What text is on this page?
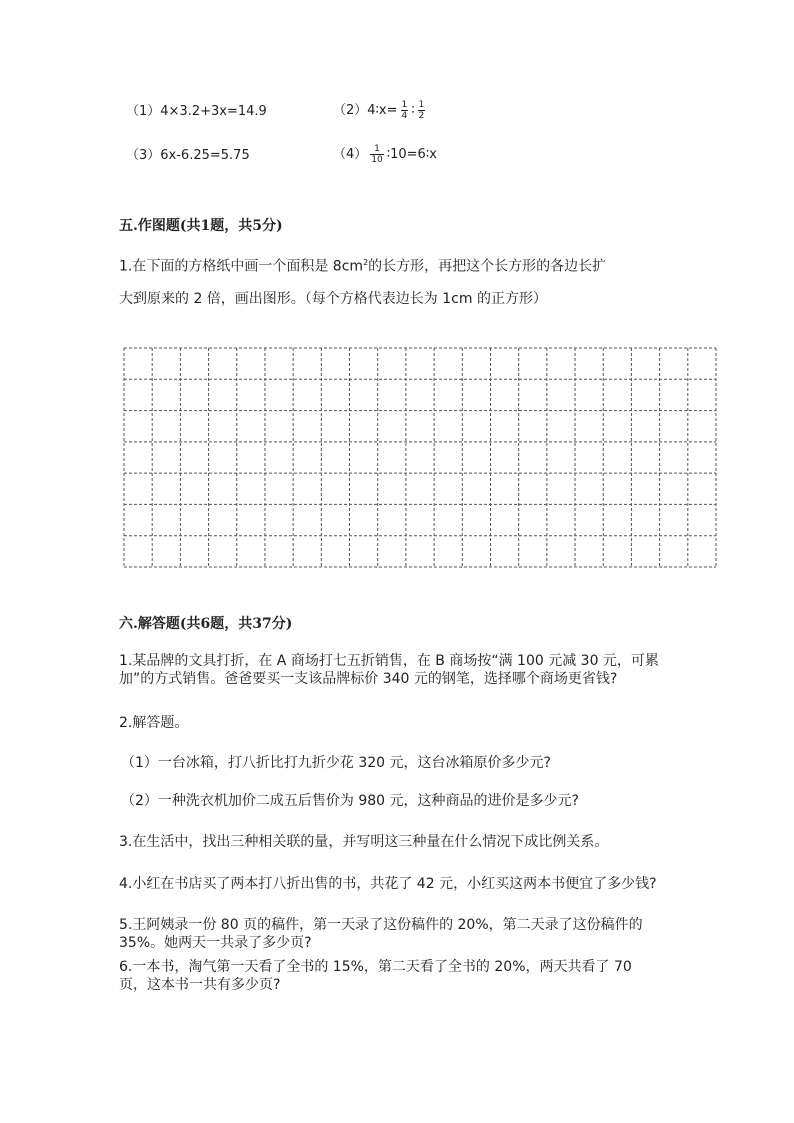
（1）4×3.2+3x=14.9	（2）4∶x= $\frac{1}{4}$ ∶ $\frac{1}{2}$
（3）6x-6.25=5.75	$(4) \frac{1}{10}$ ∶10=6∶x
五.作图题(共1题，共5分)
1.在下面的方格纸中画一个面积是 $8cm^2$的长方形，再把这个长方形的各边长扩
大到原来的 2 倍，画出图形。（每个方格代表边长为 1cm 的正方形）
六.解答题(共6题，共37分)
1.某品牌的文具打折，在 A 商场打七五折销售，在 B 商场按“满 100 元减 30 元，可累加”的方式销售。爸爸要买一支该品牌标价 340 元的钢笔，选择哪个商场更省钱?
2.解答题。
（1）一台冰箱，打八折比打九折少花 320 元，这台冰箱原价多少元?
（2）一种洗衣机加价二成五后售价为 980 元，这种商品的进价是多少元?
3.在生活中，找出三种相关联的量，并写明这三种量在什么情况下成比例关系。
4.小红在书店买了两本打八折出售的书，共花了 42 元，小红买这两本书便宜了多少钱?
5.王阿姨录一份 80 页的稿件，第一天录了这份稿件的 20%，第二天录了这份稿件的 35%。她两天一共录了多少页?
6.一本书，淘气第一天看了全书的 15%，第二天看了全书的 20%，两天共看了 70 页，这本书一共有多少页?
